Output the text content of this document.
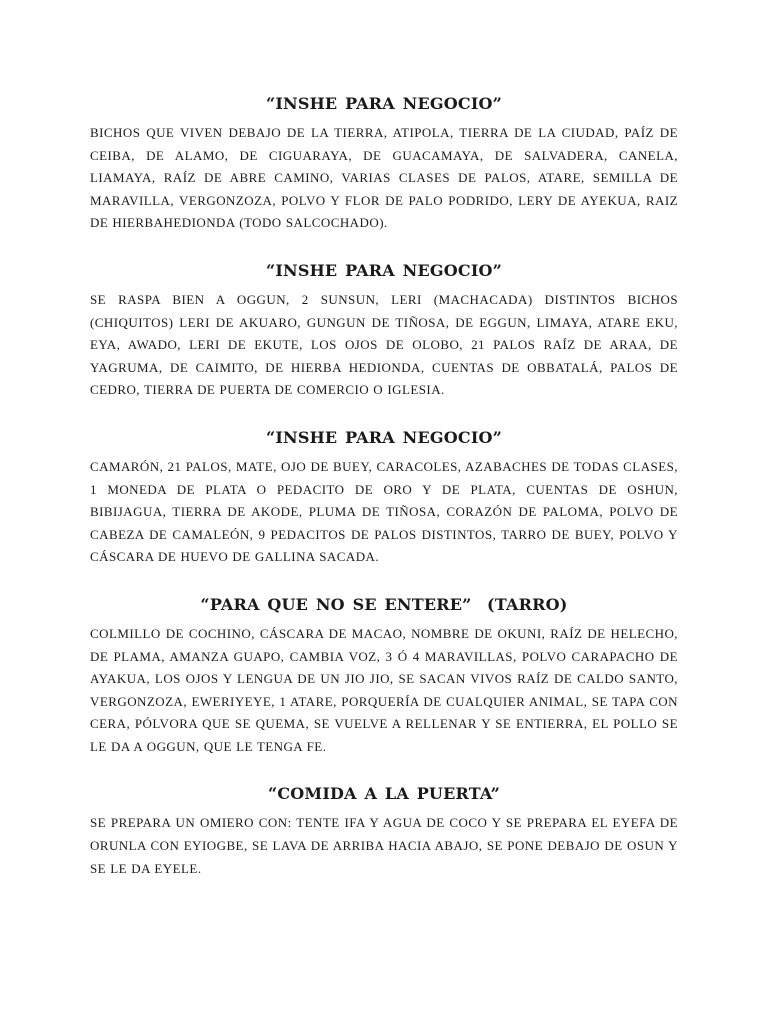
“INSHE PARA NEGOCIO”

BICHOS QUE VIVEN DEBAJO DE LA TIERRA, ATIPOLA, TIERRA DE LA CIUDAD, PAÍZ DE CEIBA, DE ALAMO, DE CIGUARAYA, DE GUACAMAYA, DE SALVADERA, CANELA, LIAMAYA, RAÍZ DE ABRE CAMINO, VARIAS CLASES DE PALOS, ATARE, SEMILLA DE MARAVILLA, VERGONZOZA, POLVO Y FLOR DE PALO PODRIDO, LERY DE AYEKUA, RAIZ DE HIERBAHEDIONDA (TODO SALCOCHADO).

“INSHE PARA NEGOCIO”

SE RASPA BIEN A OGGUN, 2 SUNSUN, LERI (MACHACADA) DISTINTOS BICHOS (CHIQUITOS) LERI DE AKUARO, GUNGUN DE TIÑOSA, DE EGGUN, LIMAYA, ATARE EKU, EYA, AWADO, LERI DE EKUTE, LOS OJOS DE OLOBO, 21 PALOS RAÍZ DE ARAA, DE YAGRUMA, DE CAIMITO, DE HIERBA HEDIONDA, CUENTAS DE OBBATALÁ, PALOS DE CEDRO, TIERRA DE PUERTA DE COMERCIO O IGLESIA.

“INSHE PARA NEGOCIO”

CAMARÓN, 21 PALOS, MATE, OJO DE BUEY, CARACOLES, AZABACHES DE TODAS CLASES, 1 MONEDA DE PLATA O PEDACITO DE ORO Y DE PLATA, CUENTAS DE OSHUN, BIBIJAGUA, TIERRA DE AKODE, PLUMA DE TIÑOSA, CORAZÓN DE PALOMA, POLVO DE CABEZA DE CAMALEÓN, 9 PEDACITOS DE PALOS DISTINTOS, TARRO DE BUEY, POLVO Y CÁSCARA DE HUEVO DE GALLINA SACADA.

“PARA QUE NO SE ENTERE”  (TARRO)

COLMILLO DE COCHINO, CÁSCARA DE MACAO, NOMBRE DE OKUNI, RAÍZ DE HELECHO, DE PLAMA, AMANZA GUAPO, CAMBIA VOZ, 3 Ó 4 MARAVILLAS, POLVO CARAPACHO DE AYAKUA, LOS OJOS Y LENGUA DE UN JIO JIO, SE SACAN VIVOS RAÍZ DE CALDO SANTO, VERGONZOZA, EWERIYEYE, 1 ATARE, PORQUERÍA DE CUALQUIER ANIMAL, SE TAPA CON CERA, PÓLVORA QUE SE QUEMA, SE VUELVE A RELLENAR Y SE ENTIERRA, EL POLLO SE LE DA A OGGUN, QUE LE TENGA FE.

“COMIDA A LA PUERTA”

SE PREPARA UN OMIERO CON: TENTE IFA Y AGUA DE COCO Y SE PREPARA EL EYEFA DE ORUNLA CON EYIOGBE, SE LAVA DE ARRIBA HACIA ABAJO, SE PONE DEBAJO DE OSUN Y SE LE DA EYELE.
